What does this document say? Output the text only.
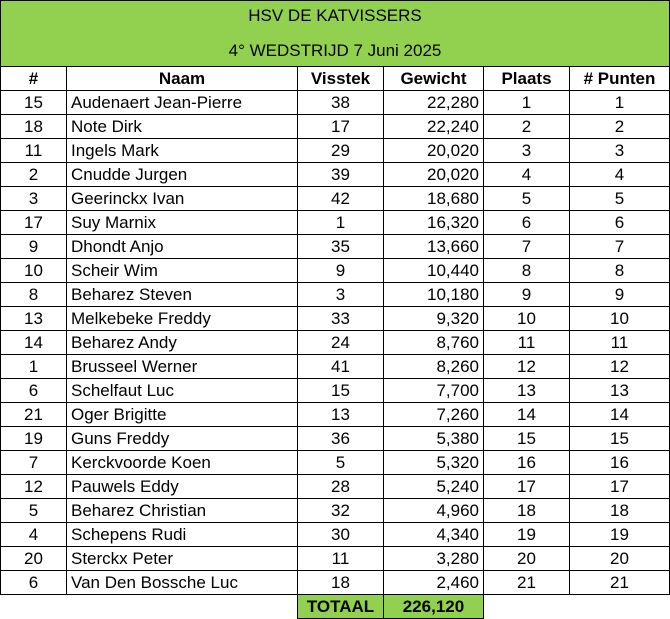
HSV DE KATVISSERS
4° WEDSTRIJD 7 Juni 2025
#	Naam	Visstek	Gewicht	Plaats	# Punten
15	Audenaert Jean-Pierre	38	22,280	1	1
18	Note Dirk	17	22,240	2	2
11	Ingels Mark	29	20,020	3	3
2	Cnudde Jurgen	39	20,020	4	4
3	Geerinckx Ivan	42	18,680	5	5
17	Suy Marnix	1	16,320	6	6
9	Dhondt Anjo	35	13,660	7	7
10	Scheir Wim	9	10,440	8	8
8	Beharez Steven	3	10,180	9	9
13	Melkebeke Freddy	33	9,320	10	10
14	Beharez Andy	24	8,760	11	11
1	Brusseel Werner	41	8,260	12	12
6	Schelfaut Luc	15	7,700	13	13
21	Oger Brigitte	13	7,260	14	14
19	Guns Freddy	36	5,380	15	15
7	Kerckvoorde Koen	5	5,320	16	16
12	Pauwels Eddy	28	5,240	17	17
5	Beharez Christian	32	4,960	18	18
4	Schepens Rudi	30	4,340	19	19
20	Sterckx Peter	11	3,280	20	20
6	Van Den Bossche Luc	18	2,460	21	21
		TOTAAL	226,120		
